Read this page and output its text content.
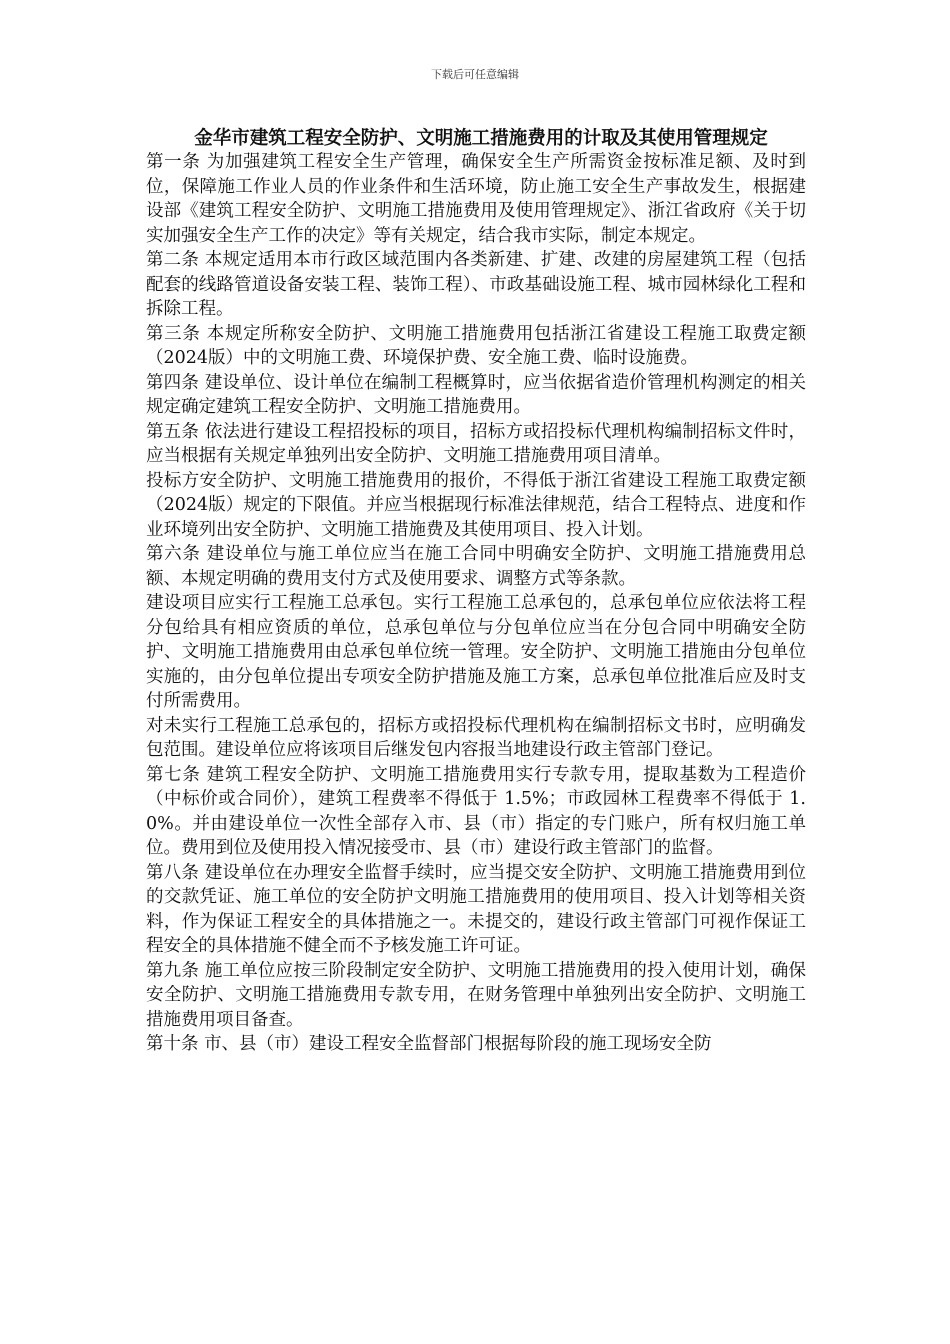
下载后可任意编辑
金华市建筑工程安全防护、文明施工措施费用的计取及其使用管理规定

第一条 为加强建筑工程安全生产管理，确保安全生产所需资金按标准足额、及时到位，保障施工作业人员的作业条件和生活环境，防止施工安全生产事故发生，根据建设部《建筑工程安全防护、文明施工措施费用及使用管理规定》、浙江省政府《关于切实加强安全生产工作的决定》等有关规定，结合我市实际，制定本规定。

第二条 本规定适用本市行政区域范围内各类新建、扩建、改建的房屋建筑工程（包括配套的线路管道设备安装工程、装饰工程）、市政基础设施工程、城市园林绿化工程和拆除工程。

第三条 本规定所称安全防护、文明施工措施费用包括浙江省建设工程施工取费定额（2024版）中的文明施工费、环境保护费、安全施工费、临时设施费。

第四条 建设单位、设计单位在编制工程概算时，应当依据省造价管理机构测定的相关规定确定建筑工程安全防护、文明施工措施费用。

第五条 依法进行建设工程招投标的项目，招标方或招投标代理机构编制招标文件时，应当根据有关规定单独列出安全防护、文明施工措施费用项目清单。

投标方安全防护、文明施工措施费用的报价，不得低于浙江省建设工程施工取费定额（2024版）规定的下限值。并应当根据现行标准法律规范，结合工程特点、进度和作业环境列出安全防护、文明施工措施费及其使用项目、投入计划。

第六条 建设单位与施工单位应当在施工合同中明确安全防护、文明施工措施费用总额、本规定明确的费用支付方式及使用要求、调整方式等条款。

建设项目应实行工程施工总承包。实行工程施工总承包的，总承包单位应依法将工程分包给具有相应资质的单位，总承包单位与分包单位应当在分包合同中明确安全防护、文明施工措施费用由总承包单位统一管理。安全防护、文明施工措施由分包单位实施的，由分包单位提出专项安全防护措施及施工方案，总承包单位批准后应及时支付所需费用。

对未实行工程施工总承包的，招标方或招投标代理机构在编制招标文书时，应明确发包范围。建设单位应将该项目后继发包内容报当地建设行政主管部门登记。

第七条 建筑工程安全防护、文明施工措施费用实行专款专用，提取基数为工程造价（中标价或合同价），建筑工程费率不得低于 1.5%；市政园林工程费率不得低于 1.0%。并由建设单位一次性全部存入市、县（市）指定的专门账户，所有权归施工单位。费用到位及使用投入情况接受市、县（市）建设行政主管部门的监督。

第八条 建设单位在办理安全监督手续时，应当提交安全防护、文明施工措施费用到位的交款凭证、施工单位的安全防护文明施工措施费用的使用项目、投入计划等相关资料，作为保证工程安全的具体措施之一。未提交的，建设行政主管部门可视作保证工程安全的具体措施不健全而不予核发施工许可证。

第九条 施工单位应按三阶段制定安全防护、文明施工措施费用的投入使用计划，确保安全防护、文明施工措施费用专款专用，在财务管理中单独列出安全防护、文明施工措施费用项目备查。

第十条 市、县（市）建设工程安全监督部门根据每阶段的施工现场安全防
